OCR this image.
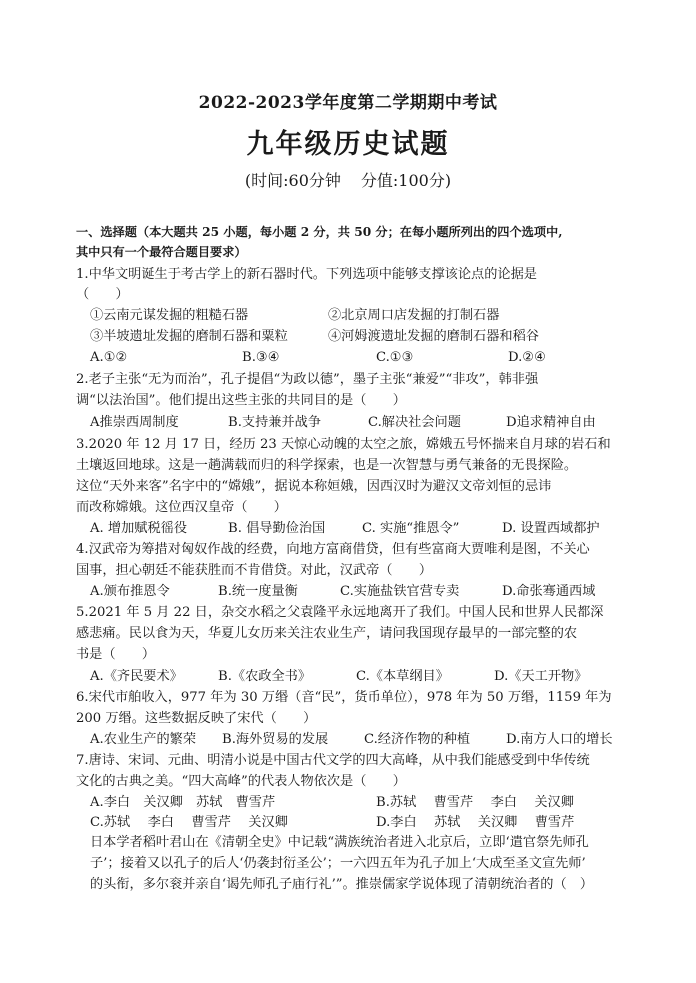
2022-2023学年度第二学期期中考试
九年级历史试题
(时间:60分钟 分值:100分)
一、选择题（本大题共 25 小题，每小题 2 分，共 50 分；在每小题所列出的四个选项中,
其中只有一个最符合题目要求）
1.中华文明诞生于考古学上的新石器时代。下列选项中能够支撑该论点的论据是
（　　）
①云南元谋发掘的粗糙石器	②北京周口店发掘的打制石器
③半坡遗址发掘的磨制石器和粟粒	④河姆渡遗址发掘的磨制石器和稻谷
A.①②	B.③④	C.①③	D.②④
2.老子主张“无为而治”，孔子提倡“为政以德”，墨子主张“兼爱”“非攻”，韩非强
调“以法治国”。他们提出这些主张的共同目的是（　　）
A推崇西周制度	B.支持兼并战争	C.解决社会问题	D追求精神自由
3.2020 年 12 月 17 日，经历 23 天惊心动魄的太空之旅，嫦娥五号怀揣来自月球的岩石和
土壤返回地球。这是一趟满载而归的科学探索，也是一次智慧与勇气兼备的无畏探险。
这位“天外来客”名字中的“嫦娥”，据说本称姮娥，因西汉时为避汉文帝刘恒的忌讳
而改称嫦娥。这位西汉皇帝（　　）
A. 增加赋税徭役	B. 倡导勤俭治国	C. 实施“推恩令”	D. 设置西域都护
4.汉武帝为筹措对匈奴作战的经费，向地方富商借贷，但有些富商大贾唯利是图，不关心
国事，担心朝廷不能获胜而不肯借贷。对此，汉武帝（　　）
A.颁布推恩令	B.统一度量衡	C.实施盐铁官营专卖	D.命张骞通西域
5.2021 年 5 月 22 日，杂交水稻之父袁隆平永远地离开了我们。中国人民和世界人民都深
感悲痛。民以食为天，华夏儿女历来关注农业生产，请问我国现存最早的一部完整的农
书是（　　）
A.《齐民要术》	B.《农政全书》	C.《本草纲目》	D.《天工开物》
6.宋代市舶收入，977 年为 30 万缗（音“民”，货币单位），978 年为 50 万缗，1159 年为
200 万缗。这些数据反映了宋代（　　）
A.农业生产的繁荣 B.海外贸易的发展	C.经济作物的种植	D.南方人口的增长
7.唐诗、宋词、元曲、明清小说是中国古代文学的四大高峰，从中我们能感受到中华传统
文化的古典之美。“四大高峰”的代表人物依次是（　　）
A.李白　关汉卿　苏轼　曹雪芹	B.苏轼　 曹雪芹　 李白　 关汉卿
C.苏轼　 李白　 曹雪芹　 关汉卿	D.李白　 苏轼　 关汉卿　 曹雪芹
日本学者稻叶君山在《清朝全史》中记载“满族统治者进入北京后，立即‘遣官祭先师孔
子’；接着又以孔子的后人‘仍袭封衍圣公’；一六四五年为孔子加上‘大成至圣文宣先师’
的头衔，多尔衮并亲自‘谒先师孔子庙行礼’”。推崇儒家学说体现了清朝统治者的（　）
